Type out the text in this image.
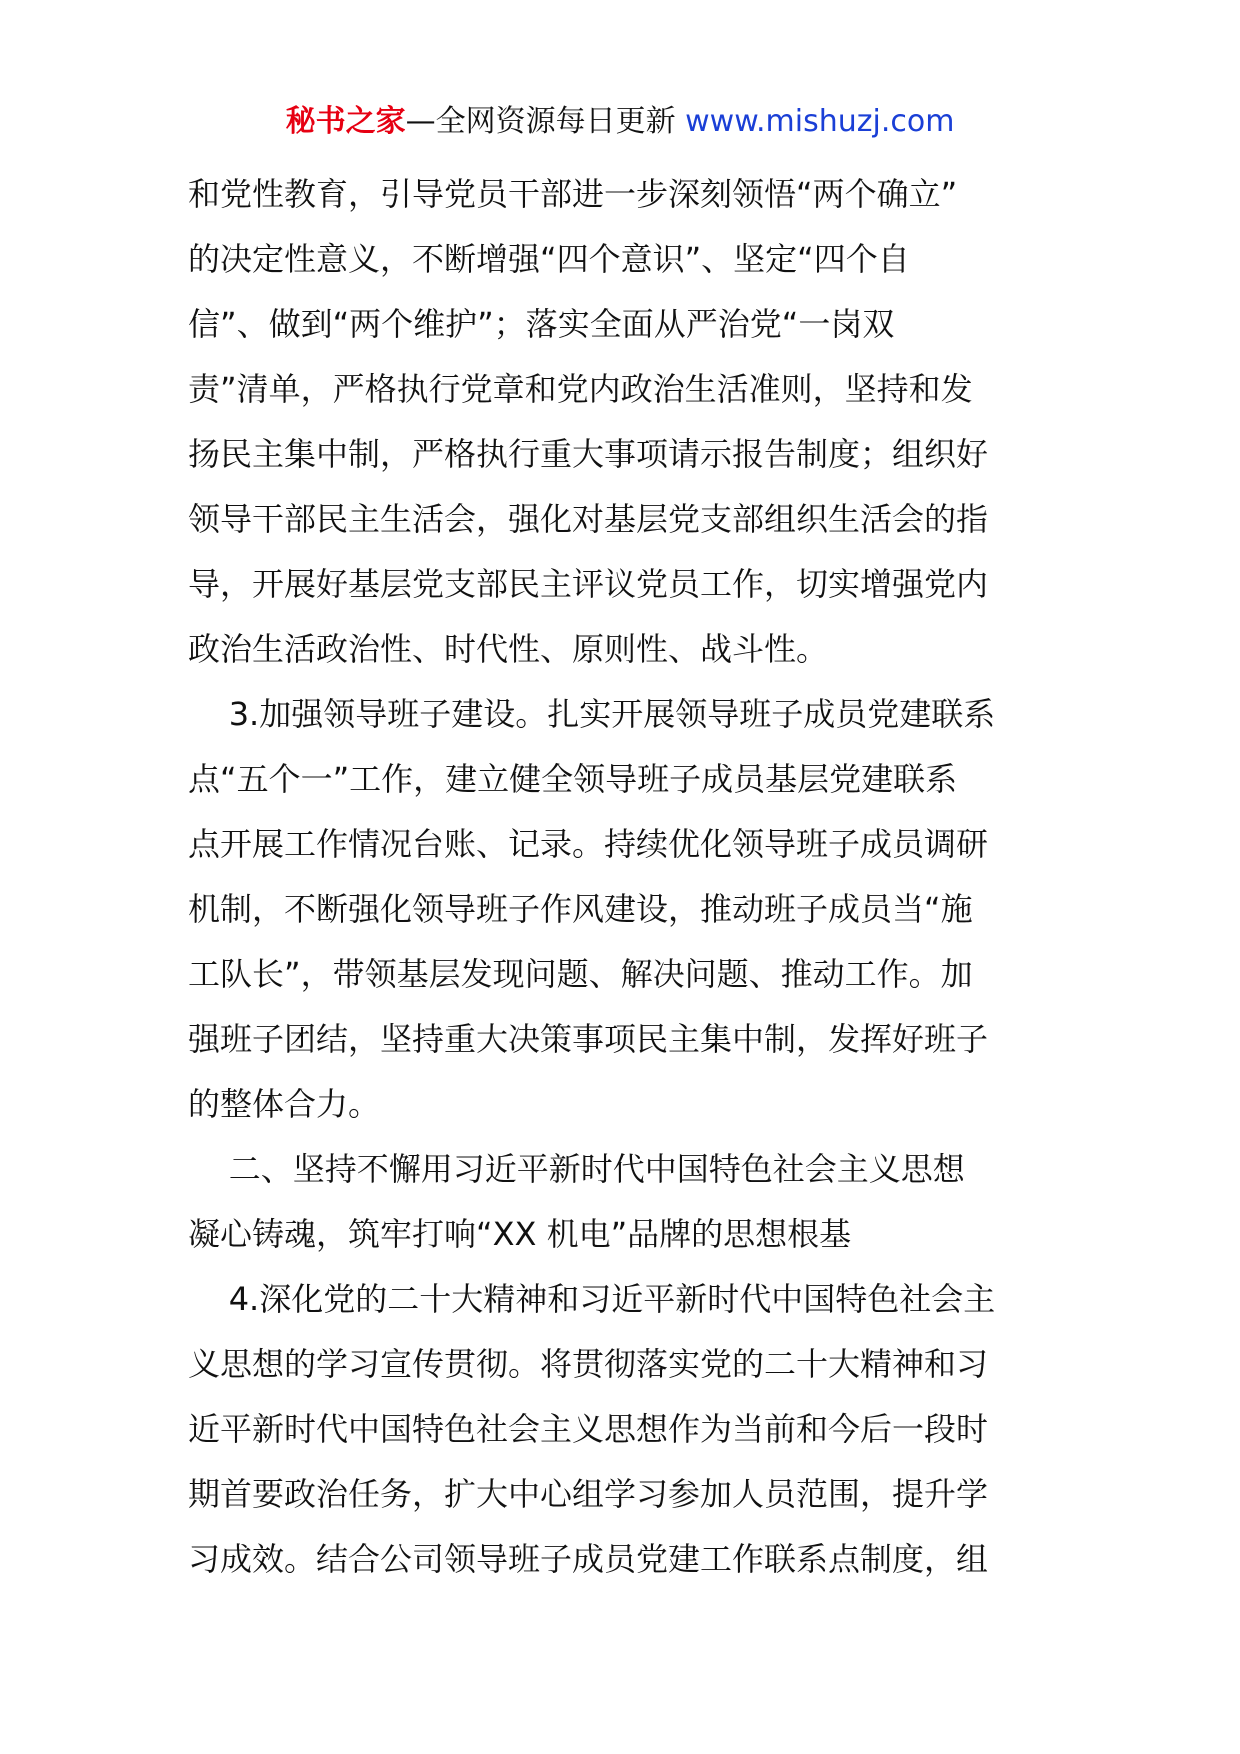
秘书之家—全网资源每日更新 www.mishuzj.com
和党性教育，引导党员干部进一步深刻领悟“两个确立”
的决定性意义，不断增强“四个意识”、坚定“四个自
信”、做到“两个维护”；落实全面从严治党“一岗双
责”清单，严格执行党章和党内政治生活准则，坚持和发
扬民主集中制，严格执行重大事项请示报告制度；组织好
领导干部民主生活会，强化对基层党支部组织生活会的指
导，开展好基层党支部民主评议党员工作，切实增强党内
政治生活政治性、时代性、原则性、战斗性。
3.加强领导班子建设。扎实开展领导班子成员党建联系
点“五个一”工作，建立健全领导班子成员基层党建联系
点开展工作情况台账、记录。持续优化领导班子成员调研
机制，不断强化领导班子作风建设，推动班子成员当“施
工队长”，带领基层发现问题、解决问题、推动工作。加
强班子团结，坚持重大决策事项民主集中制，发挥好班子
的整体合力。
二、坚持不懈用习近平新时代中国特色社会主义思想
凝心铸魂，筑牢打响“XX 机电”品牌的思想根基
4.深化党的二十大精神和习近平新时代中国特色社会主
义思想的学习宣传贯彻。将贯彻落实党的二十大精神和习
近平新时代中国特色社会主义思想作为当前和今后一段时
期首要政治任务，扩大中心组学习参加人员范围，提升学
习成效。结合公司领导班子成员党建工作联系点制度，组
